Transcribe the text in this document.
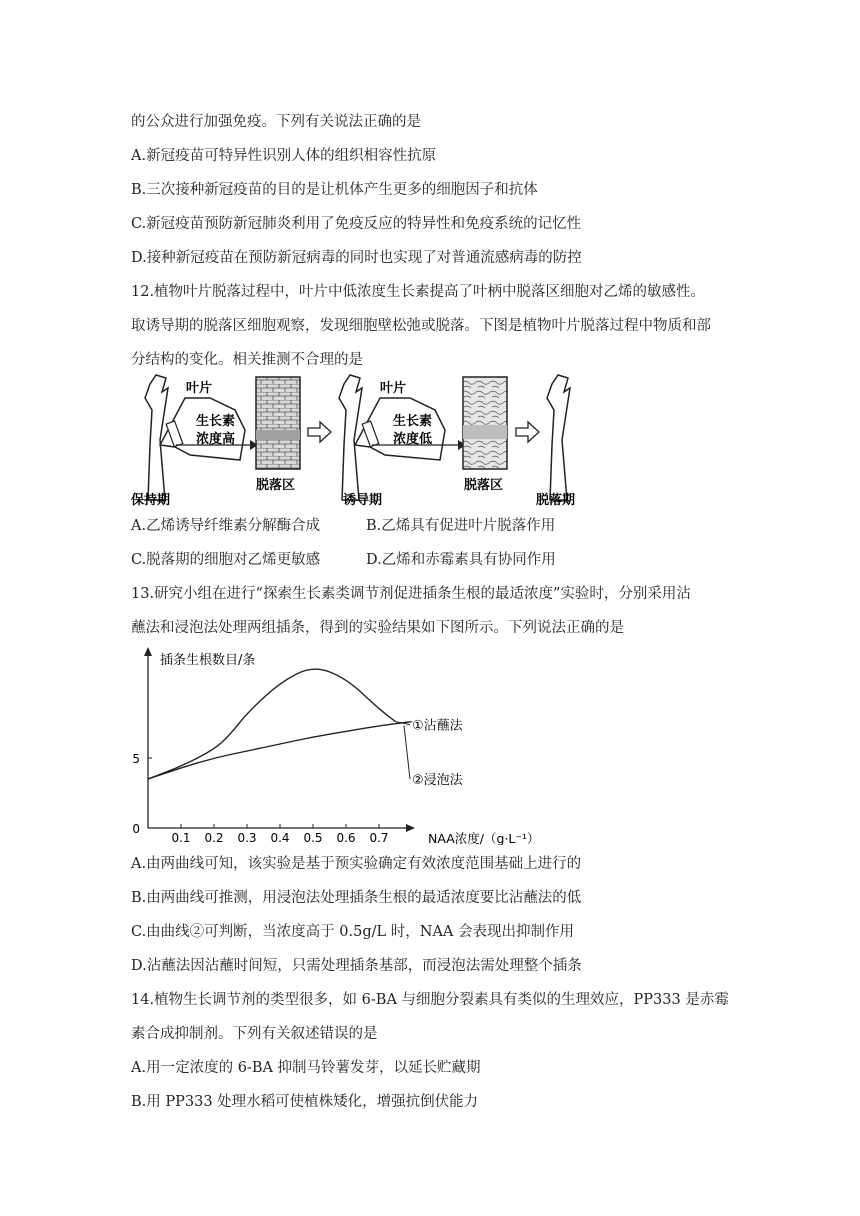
的公众进行加强免疫。下列有关说法正确的是
A.新冠疫苗可特异性识别人体的组织相容性抗原
B.三次接种新冠疫苗的目的是让机体产生更多的细胞因子和抗体
C.新冠疫苗预防新冠肺炎利用了免疫反应的特异性和免疫系统的记忆性
D.接种新冠疫苗在预防新冠病毒的同时也实现了对普通流感病毒的防控
12.植物叶片脱落过程中，叶片中低浓度生长素提高了叶柄中脱落区细胞对乙烯的敏感性。
取诱导期的脱落区细胞观察，发现细胞壁松弛或脱落。下图是植物叶片脱落过程中物质和部
分结构的变化。相关推测不合理的是
叶片
生长素
浓度高
脱落区
叶片
生长素
浓度低
脱落区
保持期	诱导期	脱落期
A.乙烯诱导纤维素分解酶合成	B.乙烯具有促进叶片脱落作用
C.脱落期的细胞对乙烯更敏感	D.乙烯和赤霉素具有协同作用
13.研究小组在进行“探索生长素类调节剂促进插条生根的最适浓度”实验时，分别采用沾
蘸法和浸泡法处理两组插条，得到的实验结果如下图所示。下列说法正确的是
插条生根数目/条
NAA浓度/（g·L⁻¹）
0.1 0.2 0.3 0.4 0.5 0.6 0.7
0
5
①沾蘸法
②浸泡法
A.由两曲线可知，该实验是基于预实验确定有效浓度范围基础上进行的
B.由两曲线可推测，用浸泡法处理插条生根的最适浓度要比沾蘸法的低
C.由曲线②可判断，当浓度高于 0.5g/L 时，NAA 会表现出抑制作用
D.沾蘸法因沾蘸时间短，只需处理插条基部，而浸泡法需处理整个插条
14.植物生长调节剂的类型很多，如 6-BA 与细胞分裂素具有类似的生理效应，PP333 是赤霉
素合成抑制剂。下列有关叙述错误的是
A.用一定浓度的 6-BA 抑制马铃薯发芽，以延长贮藏期
B.用 PP333 处理水稻可使植株矮化，增强抗倒伏能力
